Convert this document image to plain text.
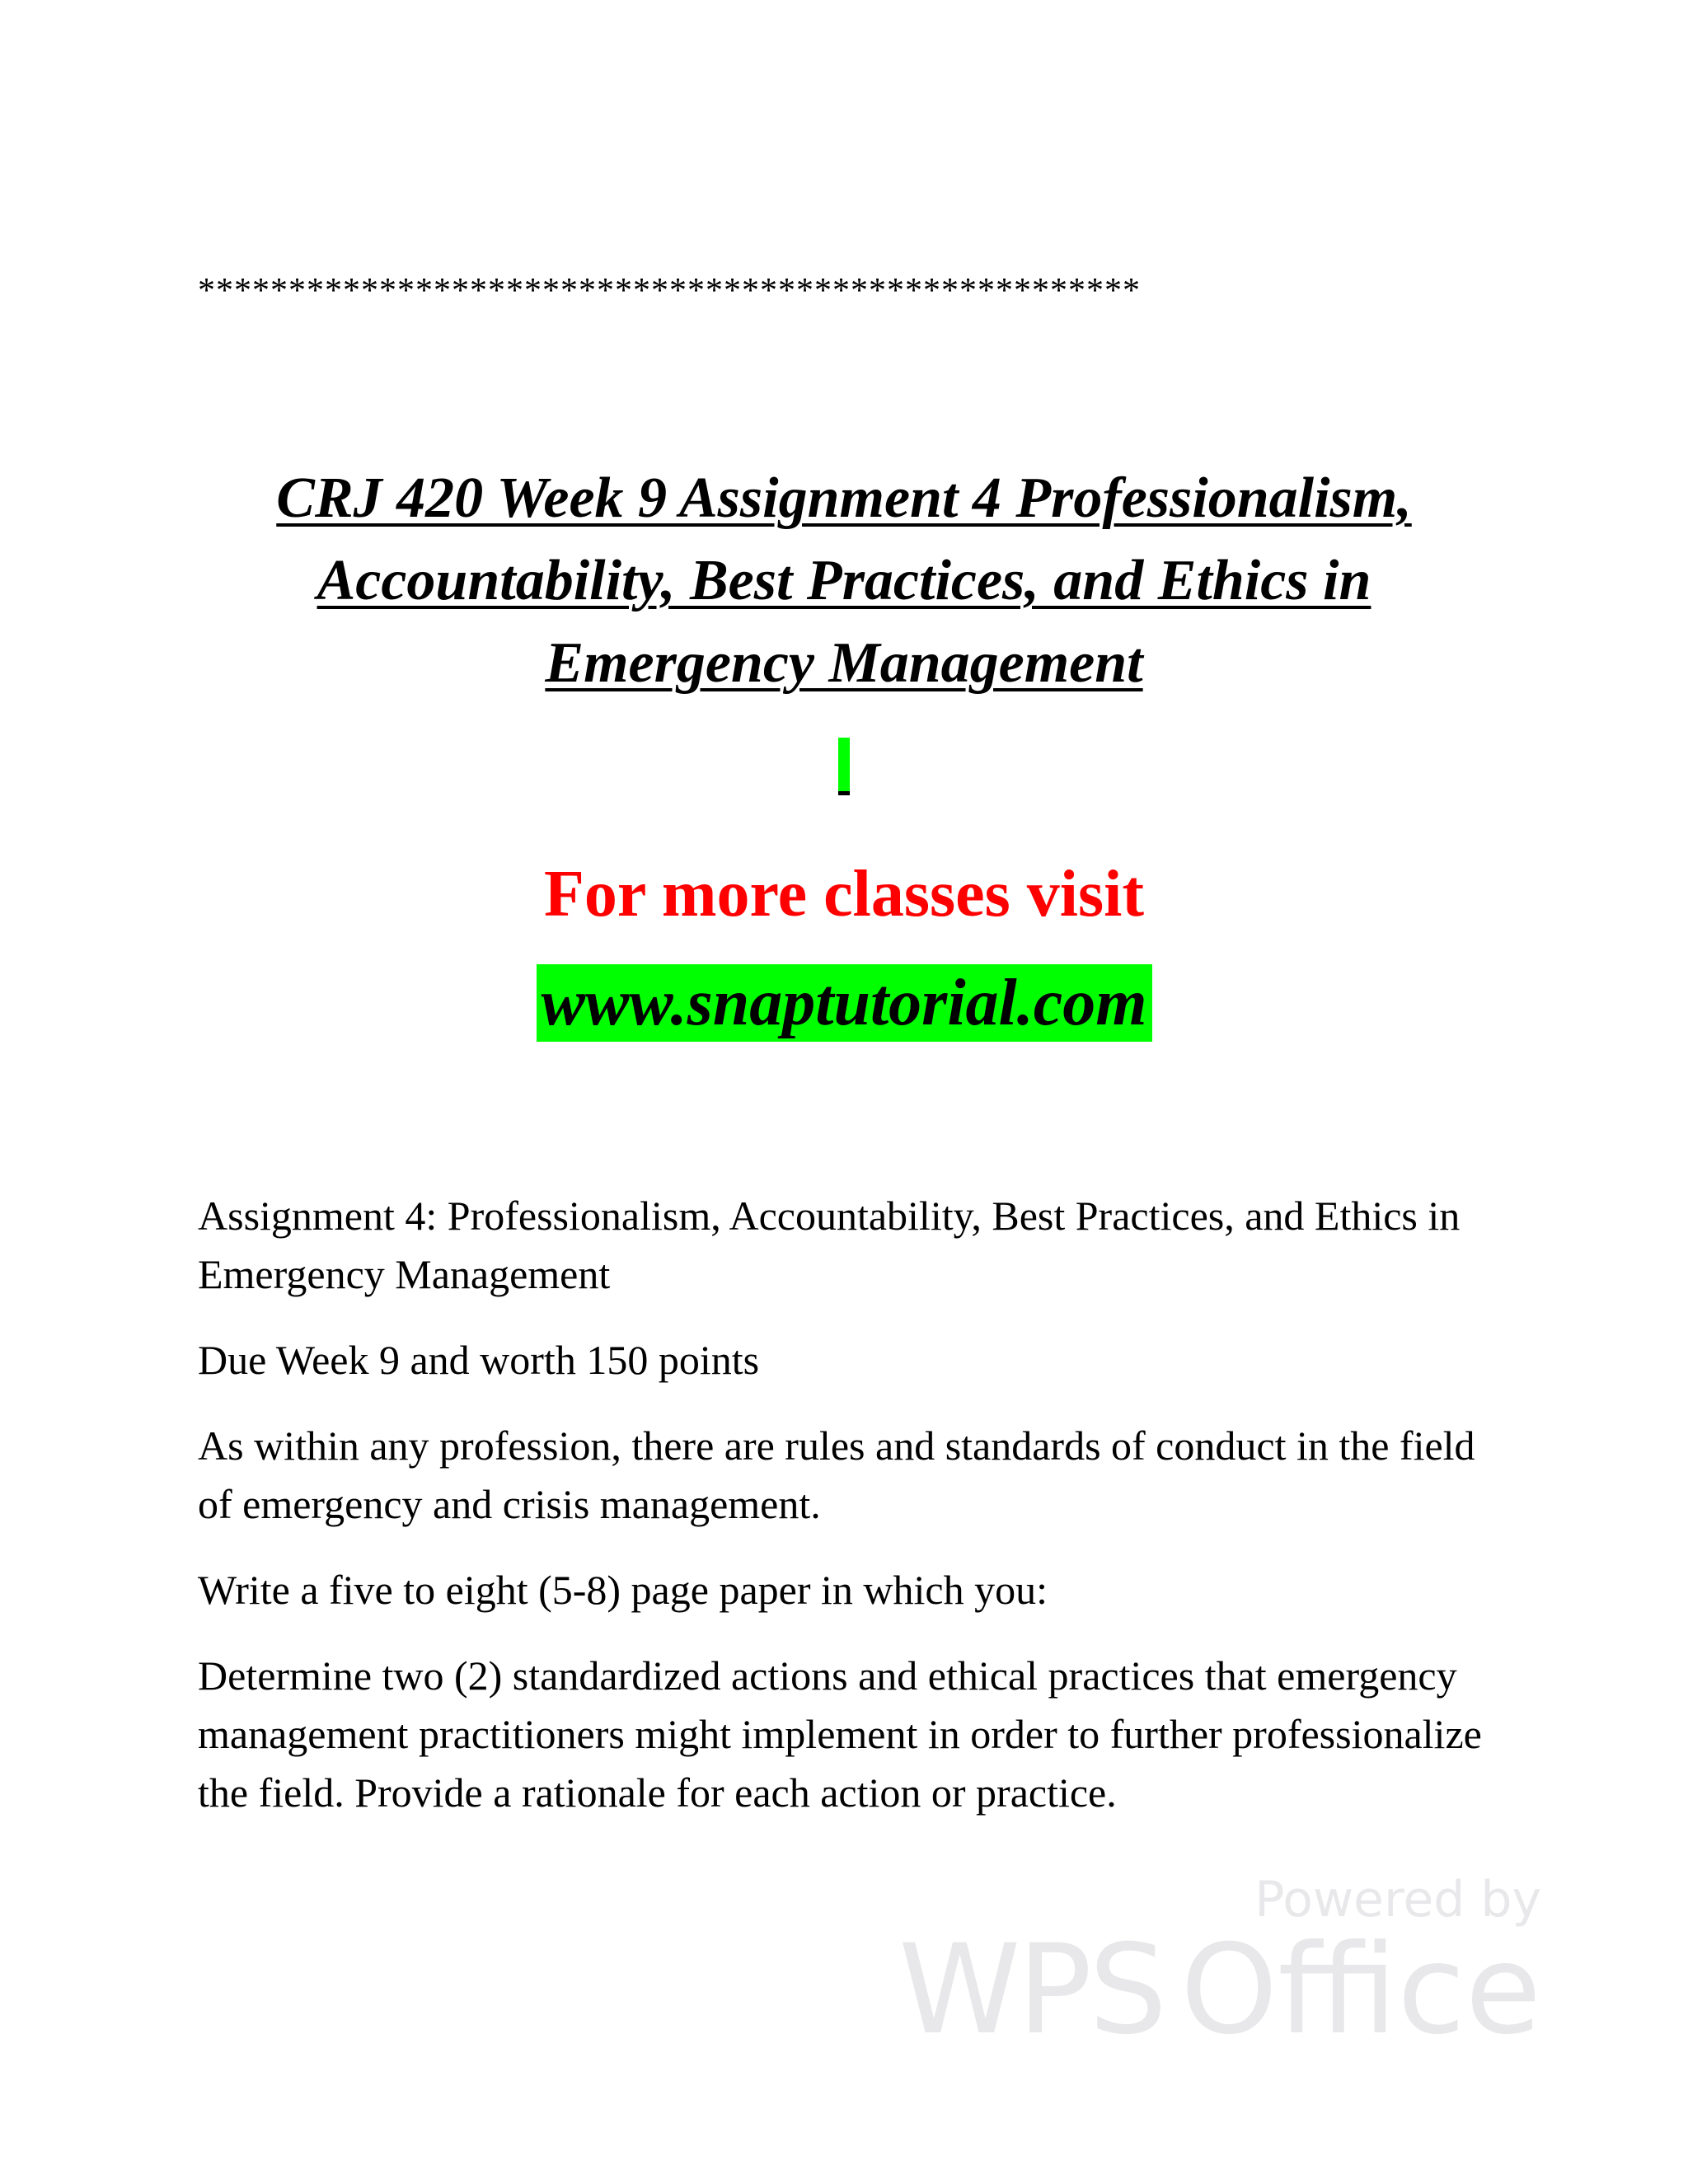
****************************************************
CRJ 420 Week 9 Assignment 4 Professionalism,
Accountability, Best Practices, and Ethics in
Emergency Management
For more classes visit
www.snaptutorial.com

Assignment 4: Professionalism, Accountability, Best Practices, and Ethics in Emergency Management

Due Week 9 and worth 150 points

As within any profession, there are rules and standards of conduct in the field of emergency and crisis management.

Write a five to eight (5-8) page paper in which you:

Determine two (2) standardized actions and ethical practices that emergency management practitioners might implement in order to further professionalize the field. Provide a rationale for each action or practice.

Powered by
WPS Office
